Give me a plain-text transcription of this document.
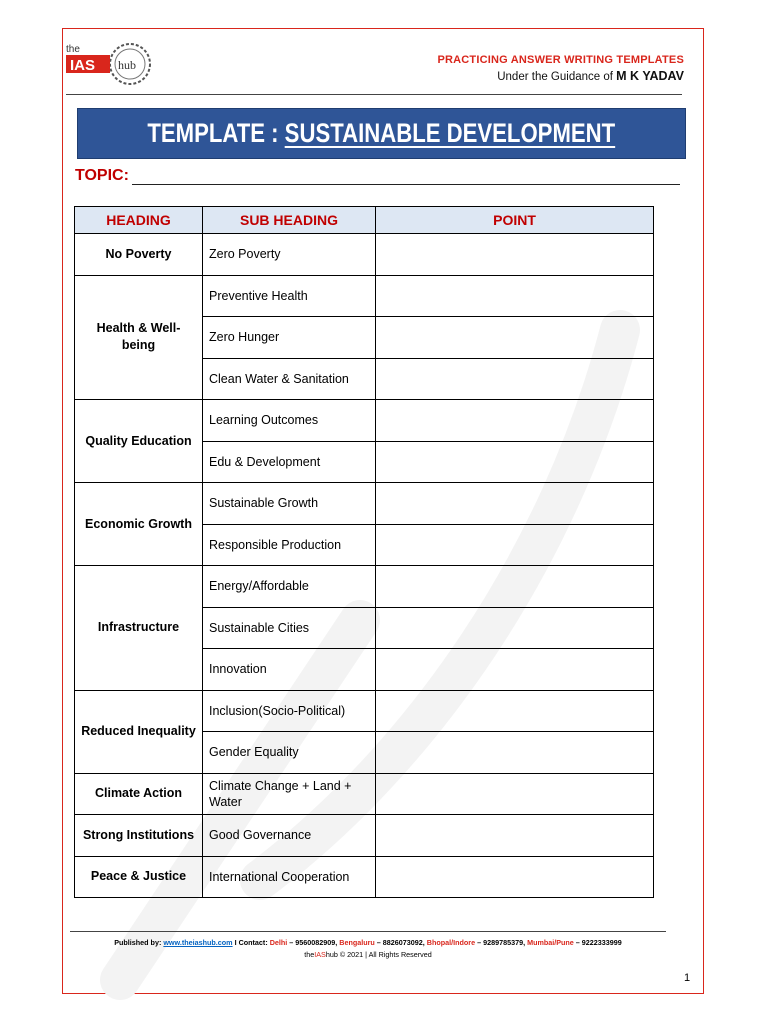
the
IAS hub	PRACTICING ANSWER WRITING TEMPLATES
Under the Guidance of M K YADAV
TEMPLATE : SUSTAINABLE DEVELOPMENT
TOPIC:
HEADING	SUB HEADING	POINT
No Poverty	Zero Poverty	
Health & Well-being	Preventive Health	
	Zero Hunger	
	Clean Water & Sanitation	
Quality Education	Learning Outcomes	
	Edu & Development	
Economic Growth	Sustainable Growth	
	Responsible Production	
Infrastructure	Energy/Affordable	
	Sustainable Cities	
	Innovation	
Reduced Inequality	Inclusion(Socio-Political)	
	Gender Equality	
Climate Action	Climate Change + Land + Water	
Strong Institutions	Good Governance	
Peace & Justice	International Cooperation	
Published by: www.theiashub.com I Contact: Delhi – 9560082909, Bengaluru – 8826073092, Bhopal/Indore – 9289785379, Mumbai/Pune – 9222333999
theIAShub © 2021 | All Rights Reserved
1
